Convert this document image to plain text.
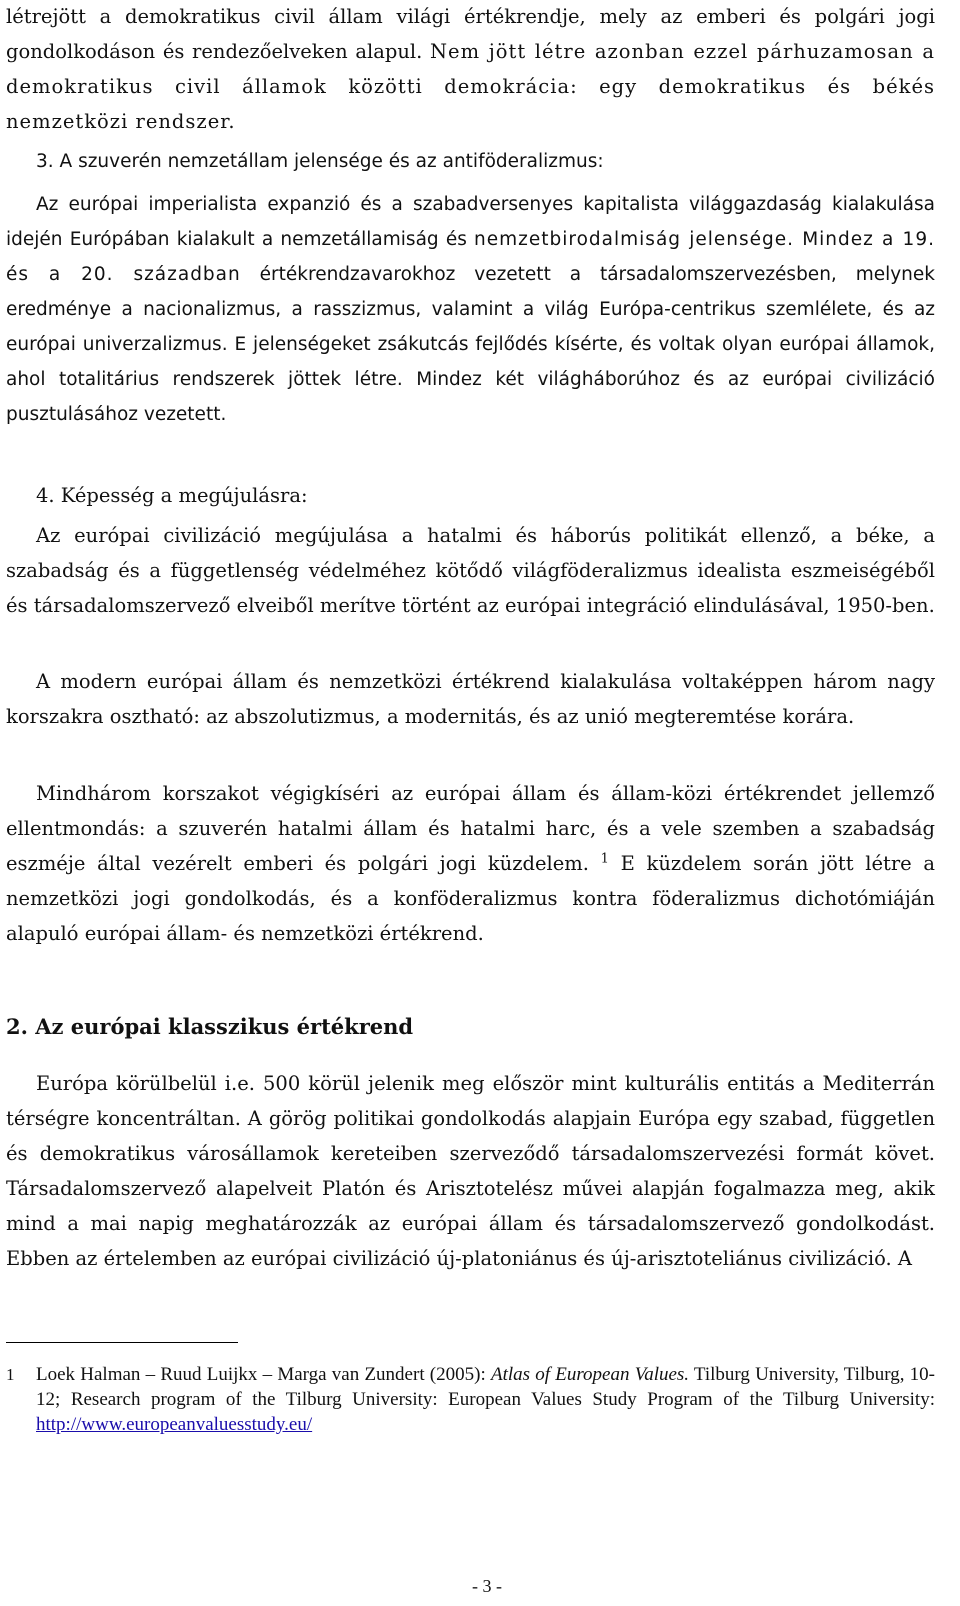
létrejött a demokratikus civil állam világi értékrendje, mely az emberi és polgári jogi gondolkodáson és rendezőelveken alapul. Nem jött létre azonban ezzel párhuzamosan a demokratikus civil államok közötti demokrácia: egy demokratikus és békés nemzetközi rendszer.

3. A szuverén nemzetállam jelensége és az antiföderalizmus:

Az európai imperialista expanzió és a szabadversenyes kapitalista világgazdaság kialakulása idején Európában kialakult a nemzetállamiság és nemzetbirodalmiság jelensége. Mindez a 19. és a 20. században értékrendzavarokhoz vezetett a társadalomszervezésben, melynek eredménye a nacionalizmus, a rasszizmus, valamint a világ Európa-centrikus szemlélete, és az európai univerzalizmus. E jelenségeket zsákutcás fejlődés kísérte, és voltak olyan európai államok, ahol totalitárius rendszerek jöttek létre. Mindez két világháborúhoz és az európai civilizáció pusztulásához vezetett.

4. Képesség a megújulásra:

Az európai civilizáció megújulása a hatalmi és háborús politikát ellenző, a béke, a szabadság és a függetlenség védelméhez kötődő világföderalizmus idealista eszmeiségéből és társadalomszervező elveiből merítve történt az európai integráció elindulásával, 1950-ben.

A modern európai állam és nemzetközi értékrend kialakulása voltaképpen három nagy korszakra osztható: az abszolutizmus, a modernitás, és az unió megteremtése korára.

Mindhárom korszakot végigkíséri az európai állam és állam-közi értékrendet jellemző ellentmondás: a szuverén hatalmi állam és hatalmi harc, és a vele szemben a szabadság eszméje által vezérelt emberi és polgári jogi küzdelem. $^1$ E küzdelem során jött létre a nemzetközi jogi gondolkodás, és a konföderalizmus kontra föderalizmus dichotómiáján alapuló európai állam- és nemzetközi értékrend.

2. Az európai klasszikus értékrend

Európa körülbelül i.e. 500 körül jelenik meg először mint kulturális entitás a Mediterrán térségre koncentráltan. A görög politikai gondolkodás alapjain Európa egy szabad, független és demokratikus városállamok kereteiben szerveződő társadalomszervezési formát követ. Társadalomszervező alapelveit Platón és Arisztotelész művei alapján fogalmazza meg, akik mind a mai napig meghatározzák az európai állam és társadalomszervező gondolkodást. Ebben az értelemben az európai civilizáció új-platoniánus és új-arisztoteliánus civilizáció. A

1 Loek Halman – Ruud Luijkx – Marga van Zundert (2005): Atlas of European Values. Tilburg University, Tilburg, 10-12; Research program of the Tilburg University: European Values Study Program of the Tilburg University: http://www.europeanvaluesstudy.eu/
- 3 -
